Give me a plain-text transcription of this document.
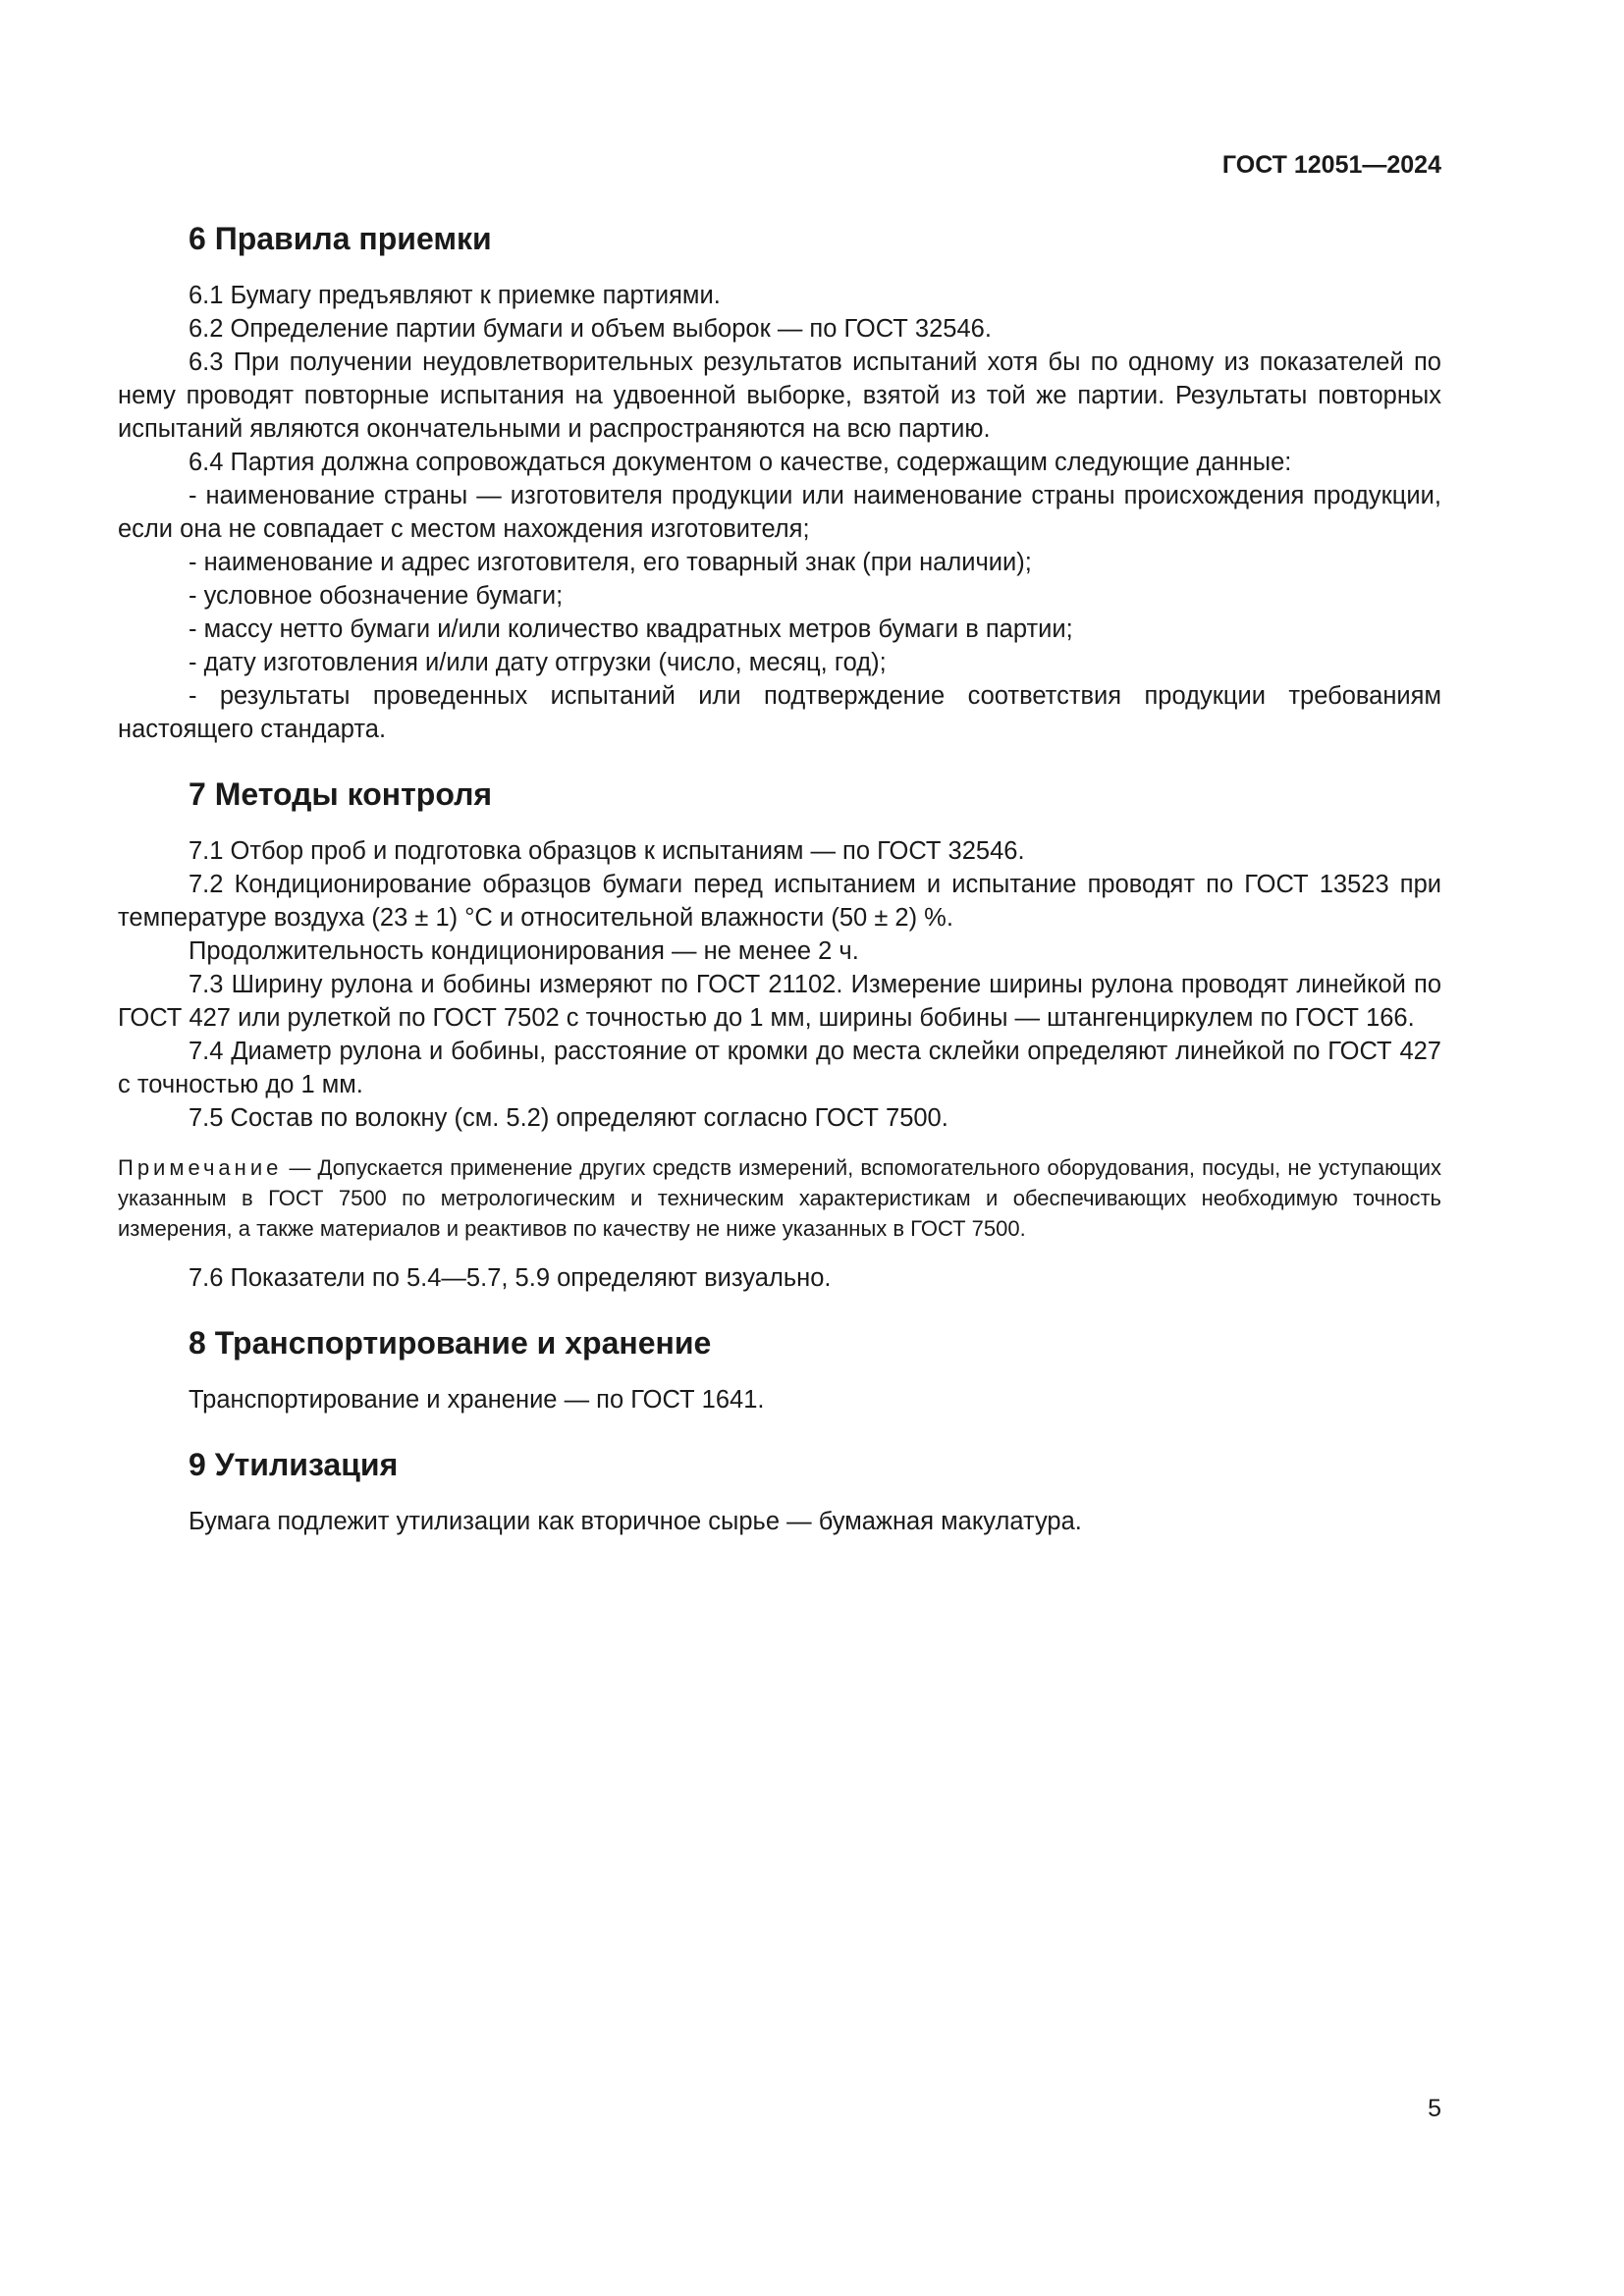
ГОСТ 12051—2024
6 Правила приемки

6.1 Бумагу предъявляют к приемке партиями.

6.2 Определение партии бумаги и объем выборок — по ГОСТ 32546.

6.3 При получении неудовлетворительных результатов испытаний хотя бы по одному из показателей по нему проводят повторные испытания на удвоенной выборке, взятой из той же партии. Результаты повторных испытаний являются окончательными и распространяются на всю партию.

6.4 Партия должна сопровождаться документом о качестве, содержащим следующие данные:

- наименование страны — изготовителя продукции или наименование страны происхождения продукции, если она не совпадает с местом нахождения изготовителя;

- наименование и адрес изготовителя, его товарный знак (при наличии);

- условное обозначение бумаги;

- массу нетто бумаги и/или количество квадратных метров бумаги в партии;

- дату изготовления и/или дату отгрузки (число, месяц, год);

- результаты проведенных испытаний или подтверждение соответствия продукции требованиям настоящего стандарта.

7 Методы контроля

7.1 Отбор проб и подготовка образцов к испытаниям — по ГОСТ 32546.

7.2 Кондиционирование образцов бумаги перед испытанием и испытание проводят по ГОСТ 13523 при температуре воздуха (23 ± 1) °С и относительной влажности (50 ± 2) %.

Продолжительность кондиционирования — не менее 2 ч.

7.3 Ширину рулона и бобины измеряют по ГОСТ 21102. Измерение ширины рулона проводят линейкой по ГОСТ 427 или рулеткой по ГОСТ 7502 с точностью до 1 мм, ширины бобины — штангенциркулем по ГОСТ 166.

7.4 Диаметр рулона и бобины, расстояние от кромки до места склейки определяют линейкой по ГОСТ 427 с точностью до 1 мм.

7.5 Состав по волокну (см. 5.2) определяют согласно ГОСТ 7500.

Примечание — Допускается применение других средств измерений, вспомогательного оборудования, посуды, не уступающих указанным в ГОСТ 7500 по метрологическим и техническим характеристикам и обеспечивающих необходимую точность измерения, а также материалов и реактивов по качеству не ниже указанных в ГОСТ 7500.

7.6 Показатели по 5.4—5.7, 5.9 определяют визуально.

8 Транспортирование и хранение

Транспортирование и хранение — по ГОСТ 1641.

9 Утилизация

Бумага подлежит утилизации как вторичное сырье — бумажная макулатура.

5
